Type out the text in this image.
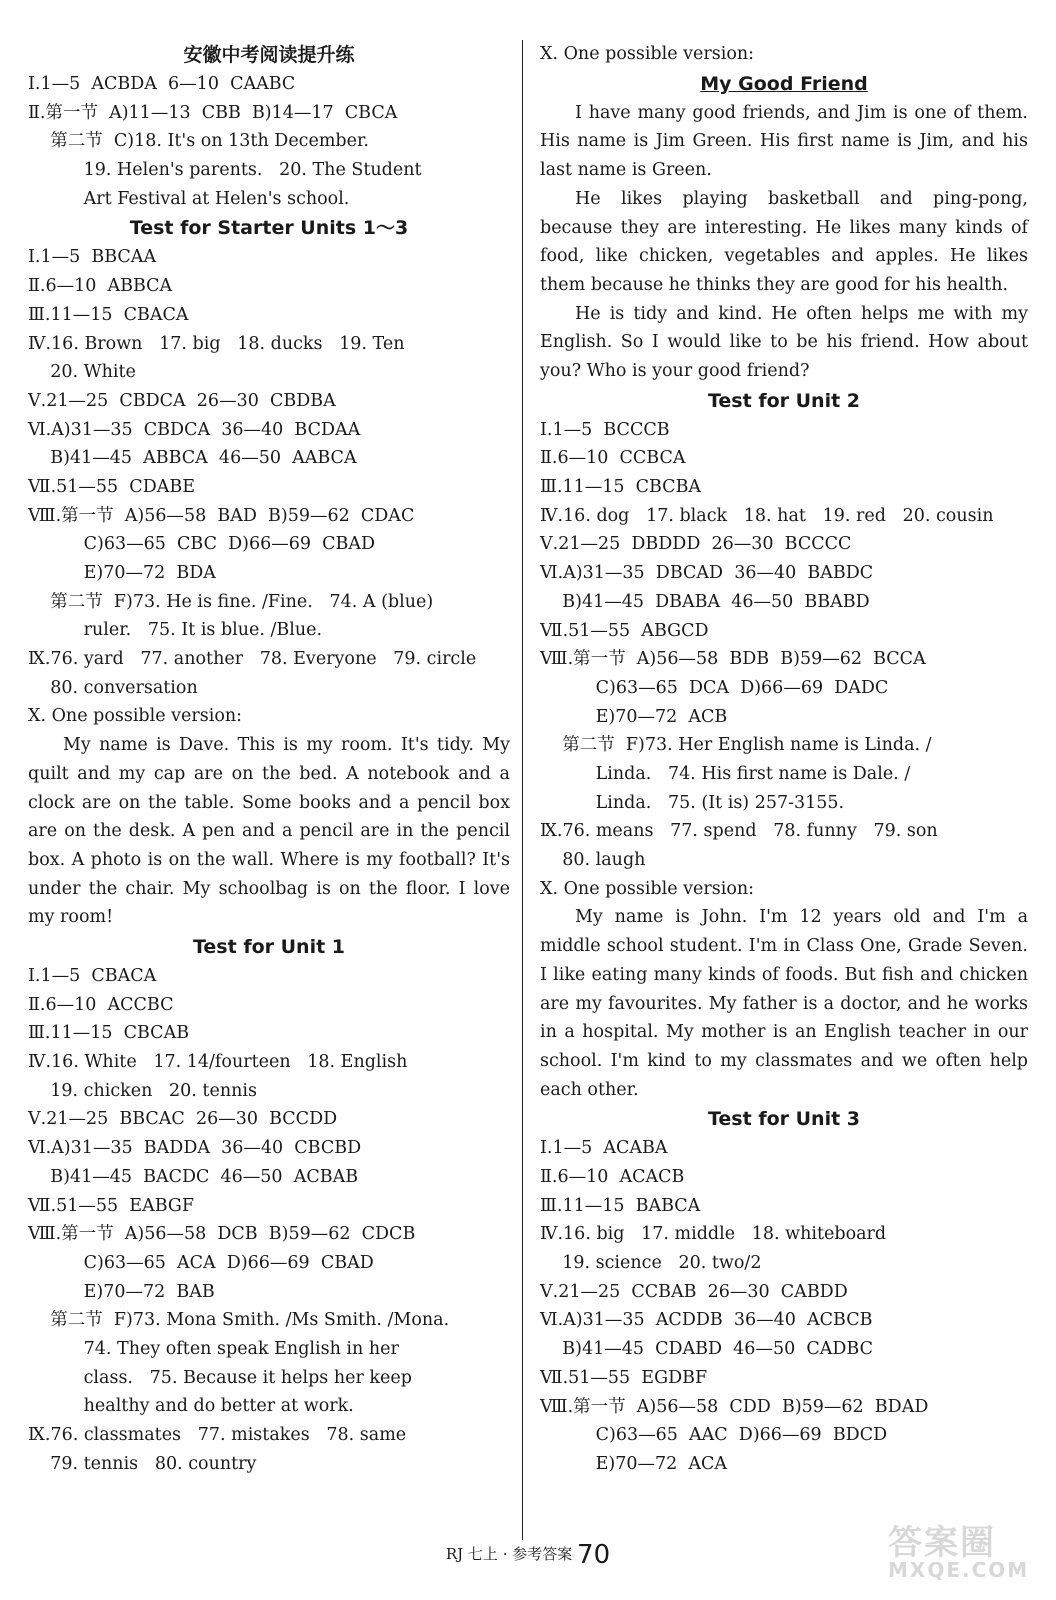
安徽中考阅读提升练
Ⅰ.1—5  ACBDA  6—10  CAABC
Ⅱ.第一节  A)11—13  CBB  B)14—17  CBCA
第二节  C)18. It's on 13th December.
19. Helen's parents.   20. The Student
Art Festival at Helen's school.
Test for Starter Units 1～3
Ⅰ.1—5  BBCAA
Ⅱ.6—10  ABBCA
Ⅲ.11—15  CBACA
Ⅳ.16. Brown   17. big   18. ducks   19. Ten
20. White
Ⅴ.21—25  CBDCA  26—30  CBDBA
Ⅵ.A)31—35  CBDCA  36—40  BCDAA
B)41—45  ABBCA  46—50  AABCA
Ⅶ.51—55  CDABE
Ⅷ.第一节  A)56—58  BAD  B)59—62  CDAC
C)63—65  CBC  D)66—69  CBAD
E)70—72  BDA
第二节  F)73. He is fine. /Fine.   74. A (blue)
ruler.   75. It is blue. /Blue.
Ⅸ.76. yard   77. another   78. Everyone   79. circle
80. conversation
Ⅹ. One possible version:
My name is Dave. This is my room. It's tidy. My quilt and my cap are on the bed. A notebook and a clock are on the table. Some books and a pencil box are on the desk. A pen and a pencil are in the pencil box. A photo is on the wall. Where is my football? It's under the chair. My schoolbag is on the floor. I love my room!
Test for Unit 1
Ⅰ.1—5  CBACA
Ⅱ.6—10  ACCBC
Ⅲ.11—15  CBCAB
Ⅳ.16. White   17. 14/fourteen   18. English
19. chicken   20. tennis
Ⅴ.21—25  BBCAC  26—30  BCCDD
Ⅵ.A)31—35  BADDA  36—40  CBCBD
B)41—45  BACDC  46—50  ACBAB
Ⅶ.51—55  EABGF
Ⅷ.第一节  A)56—58  DCB  B)59—62  CDCB
C)63—65  ACA  D)66—69  CBAD
E)70—72  BAB
第二节  F)73. Mona Smith. /Ms Smith. /Mona.
74. They often speak English in her
class.   75. Because it helps her keep
healthy and do better at work.
Ⅸ.76. classmates   77. mistakes   78. same
79. tennis   80. country
Ⅹ. One possible version:
My Good Friend
I have many good friends, and Jim is one of them. His name is Jim Green. His first name is Jim, and his last name is Green.
He likes playing basketball and ping-pong, because they are interesting. He likes many kinds of food, like chicken, vegetables and apples. He likes them because he thinks they are good for his health.
He is tidy and kind. He often helps me with my English. So I would like to be his friend. How about you? Who is your good friend?
Test for Unit 2
Ⅰ.1—5  BCCCB
Ⅱ.6—10  CCBCA
Ⅲ.11—15  CBCBA
Ⅳ.16. dog   17. black   18. hat   19. red   20. cousin
Ⅴ.21—25  DBDDD  26—30  BCCCC
Ⅵ.A)31—35  DBCAD  36—40  BABDC
B)41—45  DBABA  46—50  BBABD
Ⅶ.51—55  ABGCD
Ⅷ.第一节  A)56—58  BDB  B)59—62  BCCA
C)63—65  DCA  D)66—69  DADC
E)70—72  ACB
第二节  F)73. Her English name is Linda. /
Linda.   74. His first name is Dale. /
Linda.   75. (It is) 257-3155.
Ⅸ.76. means   77. spend   78. funny   79. son
80. laugh
Ⅹ. One possible version:
My name is John. I'm 12 years old and I'm a middle school student. I'm in Class One, Grade Seven. I like eating many kinds of foods. But fish and chicken are my favourites. My father is a doctor, and he works in a hospital. My mother is an English teacher in our school. I'm kind to my classmates and we often help each other.
Test for Unit 3
Ⅰ.1—5  ACABA
Ⅱ.6—10  ACACB
Ⅲ.11—15  BABCA
Ⅳ.16. big   17. middle   18. whiteboard
19. science   20. two/2
Ⅴ.21—25  CCBAB  26—30  CABDD
Ⅵ.A)31—35  ACDDB  36—40  ACBCB
B)41—45  CDABD  46—50  CADBC
Ⅶ.51—55  EGDBF
Ⅷ.第一节  A)56—58  CDD  B)59—62  BDAD
C)63—65  AAC  D)66—69  BDCD
E)70—72  ACA
RJ 七上 · 参考答案 70	答案圈
MXQE.COM
